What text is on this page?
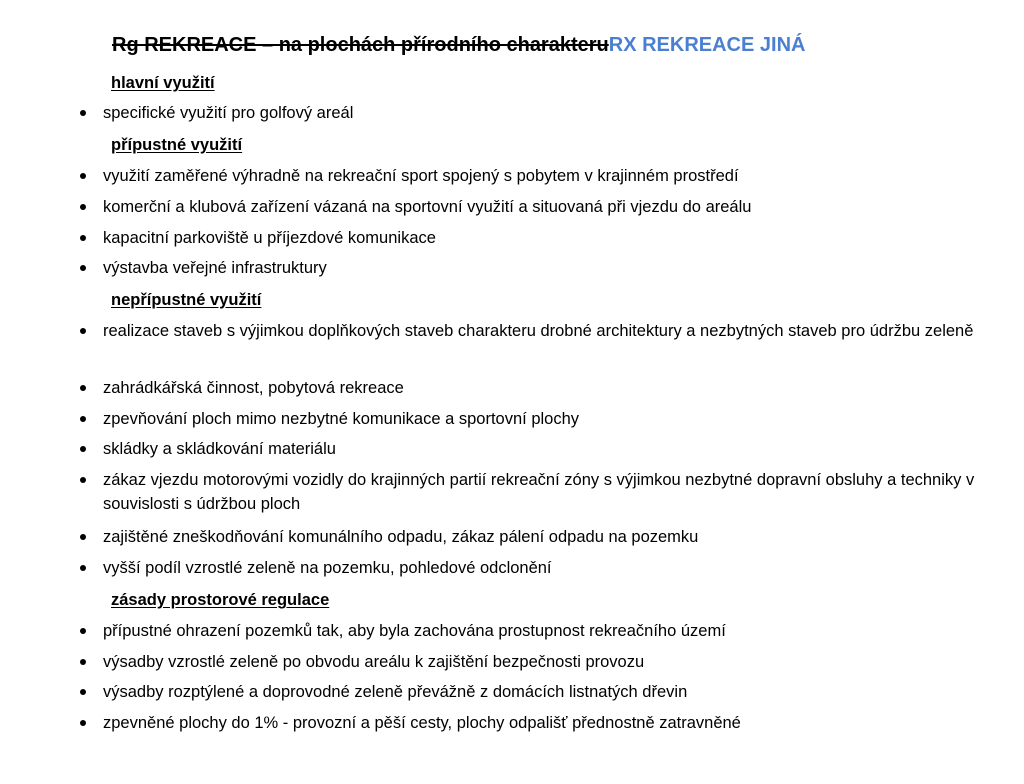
Rg REKREACE – na plochách přírodního charakteruRX REKREACE JINÁ
hlavní využití
specifické využití pro golfový areál
přípustné využití
využití zaměřené výhradně na rekreační sport spojený s pobytem v krajinném prostředí
komerční a klubová zařízení vázaná na sportovní využití a situovaná při vjezdu do areálu
kapacitní parkoviště u příjezdové komunikace
výstavba veřejné infrastruktury
nepřípustné využití
realizace staveb s výjimkou doplňkových staveb charakteru drobné architektury a nezbytných staveb pro údržbu zeleně
zahrádkářská činnost, pobytová rekreace
zpevňování ploch mimo nezbytné komunikace a sportovní plochy
skládky a skládkování materiálu
zákaz vjezdu motorovými vozidly do krajinných partií rekreační zóny s výjimkou nezbytné dopravní obsluhy a techniky v souvislosti s údržbou ploch
zajištěné zneškodňování komunálního odpadu, zákaz pálení odpadu na pozemku
vyšší podíl vzrostlé zeleně na pozemku, pohledové odclonění
zásady prostorové regulace
přípustné ohrazení pozemků tak, aby byla zachována prostupnost rekreačního území
výsadby vzrostlé zeleně po obvodu areálu k zajištění bezpečnosti provozu
výsadby rozptýlené a doprovodné zeleně převážně z domácích listnatých dřevin
zpevněné plochy do 1% - provozní a pěší cesty, plochy odpališť přednostně zatravněné
